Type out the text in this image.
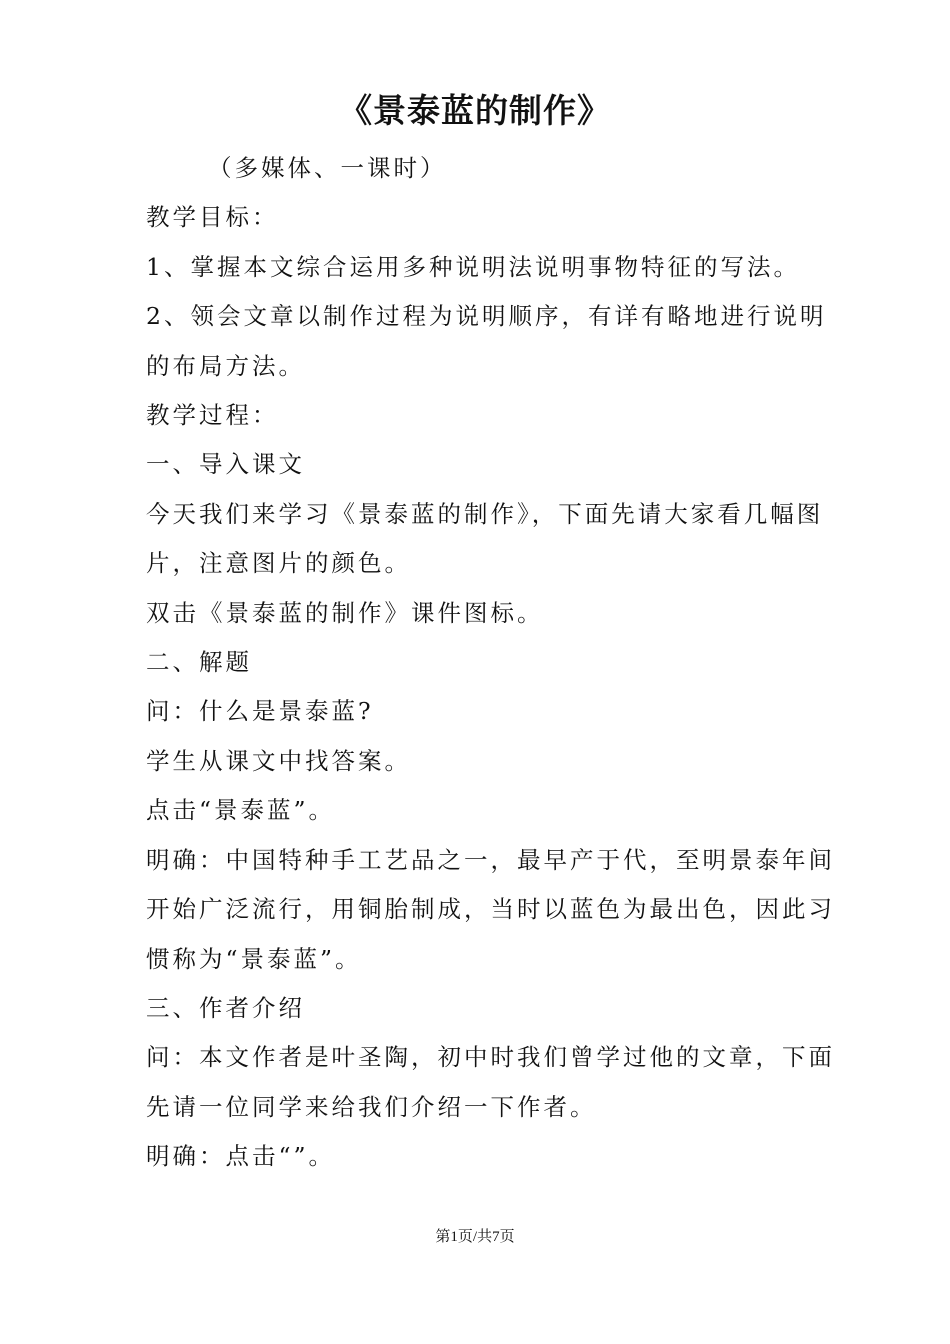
《景泰蓝的制作》
（多媒体、一课时）
教学目标：
1、掌握本文综合运用多种说明法说明事物特征的写法。
2、领会文章以制作过程为说明顺序，有详有略地进行说明
的布局方法。
教学过程：
一、导入课文
今天我们来学习《景泰蓝的制作》，下面先请大家看几幅图
片，注意图片的颜色。
双击《景泰蓝的制作》课件图标。
二、解题
问：什么是景泰蓝?
学生从课文中找答案。
点击“景泰蓝”。
明确：中国特种手工艺品之一，最早产于代，至明景泰年间
开始广泛流行，用铜胎制成，当时以蓝色为最出色，因此习
惯称为“景泰蓝”。
三、作者介绍
问：本文作者是叶圣陶，初中时我们曾学过他的文章，下面
先请一位同学来给我们介绍一下作者。
明确：点击“”。
第1页/共7页
